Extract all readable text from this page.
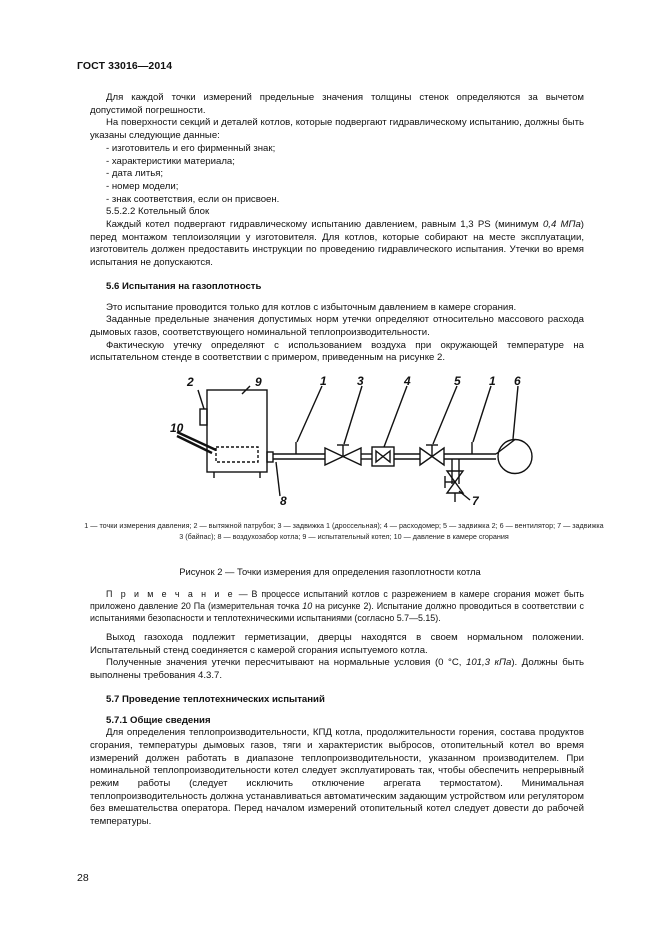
ГОСТ 33016—2014

Для каждой точки измерений предельные значения толщины стенок определяются за вычетом допустимой погрешности.

На поверхности секций и деталей котлов, которые подвергают гидравлическому испытанию, должны быть указаны следующие данные:

- изготовитель и его фирменный знак;

- характеристики материала;

- дата литья;

- номер модели;

- знак соответствия, если он присвоен.

5.5.2.2 Котельный блок

Каждый котел подвергают гидравлическому испытанию давлением, равным 1,3 PS (минимум 0,4 МПа) перед монтажом теплоизоляции у изготовителя. Для котлов, которые собирают на месте эксплуатации, изготовитель должен предоставить инструкции по проведению гидравлического испытания. Утечки во время испытания не допускаются.

5.6 Испытания на газоплотность

Это испытание проводится только для котлов с избыточным давлением в камере сгорания.

Заданные предельные значения допустимых норм утечки определяют относительно массового расхода дымовых газов, соответствующего номинальной теплопроизводительности.

Фактическую утечку определяют с использованием воздуха при окружающей температуре на испытательном стенде в соответствии с примером, приведенным на рисунке 2.

2	9	1	3	4	5 1 6
10
8	7
1 — точки измерения давления; 2 — вытяжной патрубок; 3 — задвижка 1 (дроссельная); 4 — расходомер; 5 — задвижка 2; 6 — вентилятор; 7 — задвижка 3 (байпас); 8 — воздухозабор котла; 9 — испытательный котел; 10 — давление в камере сгорания
Рисунок 2 — Точки измерения для определения газоплотности котла

П р и м е ч а н и е — В процессе испытаний котлов с разрежением в камере сгорания может быть приложено давление 20 Па (измерительная точка 10 на рисунке 2). Испытание должно проводиться в соответствии с испытаниями безопасности и теплотехническими испытаниями (согласно 5.7—5.15).

Выход газохода подлежит герметизации, дверцы находятся в своем нормальном положении. Испытательный стенд соединяется с камерой сгорания испытуемого котла.

Полученные значения утечки пересчитывают на нормальные условия (0 °С, 101,3 кПа). Должны быть выполнены требования 4.3.7.

5.7 Проведение теплотехнических испытаний

5.7.1 Общие сведения

Для определения теплопроизводительности, КПД котла, продолжительности горения, состава продуктов сгорания, температуры дымовых газов, тяги и характеристик выбросов, отопительный котел во время измерений должен работать в диапазоне теплопроизводительности, указанном производителем. При номинальной теплопроизводительности котел следует эксплуатировать так, чтобы обеспечить непрерывный режим работы (следует исключить отключение агрегата термостатом). Минимальная теплопроизводительность должна устанавливаться автоматическим задающим устройством или регулятором без вмешательства оператора. Перед началом измерений отопительный котел следует довести до рабочей температуры.

28
